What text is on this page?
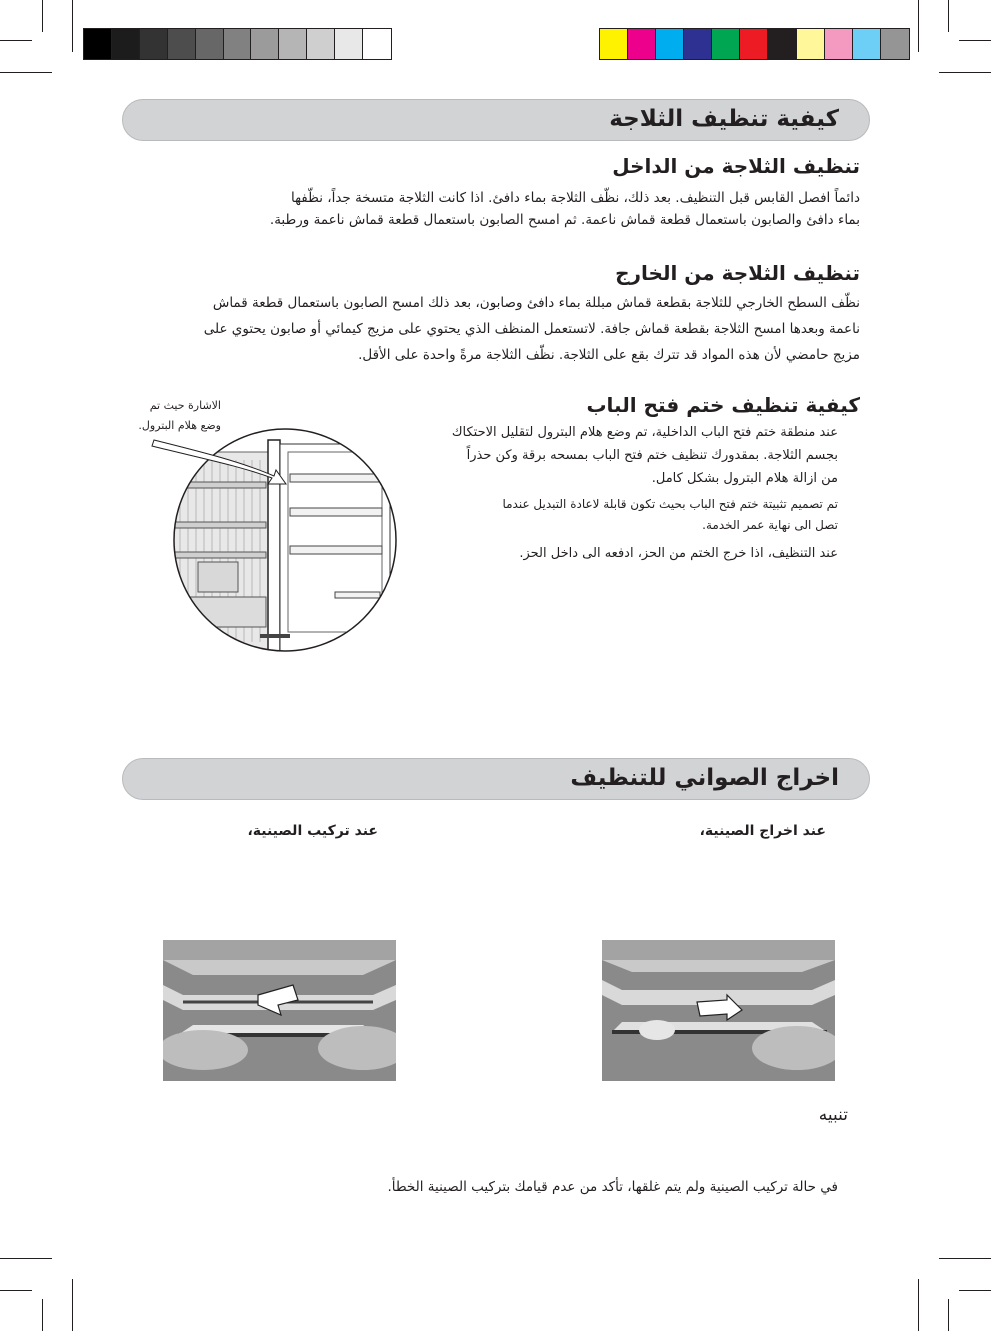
كيفية تنظيف الثلاجة
تنظيف الثلاجة من الداخل

دائماً افصل القابس قبل التنظيف. بعد ذلك، نظّف الثلاجة بماء دافئ. اذا كانت الثلاجة متسخة جداً، نظّفها

بماء دافئ والصابون باستعمال قطعة قماش ناعمة. ثم امسح الصابون باستعمال قطعة قماش ناعمة ورطبة.

تنظيف الثلاجة من الخارج

نظّف السطح الخارجي للثلاجة بقطعة قماش مبللة بماء دافئ وصابون، بعد ذلك امسح الصابون باستعمال قطعة قماش

ناعمة وبعدها امسح الثلاجة بقطعة قماش جافة. لاتستعمل المنظف الذي يحتوي على مزيج كيمائي أو صابون يحتوي على

مزيج حامضي لأن هذه المواد قد تترك بقع على الثلاجة. نظّف الثلاجة مرةً واحدة على الأقل.

كيفية تنظيف ختم فتح الباب

عند منطقة ختم فتح الباب الداخلية، تم وضع هلام البترول لتقليل الاحتكاك

بجسم الثلاجة. بمقدورك تنظيف ختم فتح الباب بمسحه برقة وكن حذراً

من ازالة هلام البترول بشكل كامل.

تم تصميم تثبيتة ختم فتح الباب بحيث تكون قابلة لاعادة التبديل عندما

تصل الى نهاية عمر الخدمة.

عند التنظيف، اذا خرج الختم من الحز، ادفعه الى داخل الحز.

الاشارة حيث تم

وضع هلام البترول.

اخراج الصواني للتنظيف
عند اخراج الصينية،
عند تركيب الصينية،
تنبيه
في حالة تركيب الصينية ولم يتم غلقها، تأكد من عدم قيامك بتركيب الصينية الخطأ.
